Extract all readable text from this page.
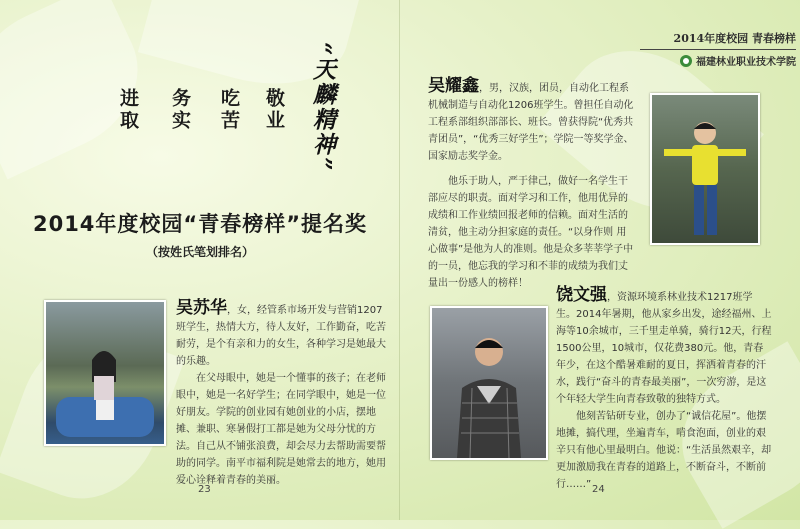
进取 务实 吃苦 敬业 “天麟精神”
2014年度校园“青春榜样”提名奖
（按姓氏笔划排名）

吴苏华，女，经管系市场开发与营销1207班学生，热情大方，待人友好，工作勤奋，吃苦耐劳，是个有亲和力的女生，各种学习是她最大的乐趣。

在父母眼中，她是一个懂事的孩子；在老师眼中，她是一名好学生；在同学眼中，她是一位好朋友。学院的创业园有她创业的小店，摆地摊、兼职、寒暑假打工都是她为父母分忧的方法。自己从不铺张浪费，却会尽力去帮助需要帮助的同学。南平市福利院是她常去的地方，她用爱心诠释着青春的美丽。

吴耀鑫，男，汉族，团员，自动化工程系机械制造与自动化1206班学生。曾担任自动化工程系部组织部部长、班长。曾获得院“优秀共青团员”，“优秀三好学生”；学院一等奖学金、国家励志奖学金。

他乐于助人，严于律己，做好一名学生干部应尽的职责。面对学习和工作，他用优异的成绩和工作业绩回报老师的信赖。面对生活的清贫，他主动分担家庭的责任。“以身作则 用心做事”是他为人的准则。他是众多莘莘学子中的一员，他忘我的学习和不菲的成绩为我们丈量出一份感人的榜样！

饶文强，资源环境系林业技术1217班学生。2014年暑期，他从家乡出发，途经福州、上海等10余城市，三千里走单骑，骑行12天，行程1500公里，10城市，仅花费380元。他，青春年少，在这个酷暑难耐的夏日，挥洒着青春的汗水，践行“奋斗的青春最美丽”，一次穷游，是这个年轻大学生向青春致敬的独特方式。

他刻苦钻研专业，创办了“诚信花屋”。他摆地摊，搞代理，坐遍青车，啃食泡面，创业的艰辛只有他心里最明白。他说：“生活虽然艰辛，却更加激励我在青春的道路上，不断奋斗，不断前行……”

2014年度校园 青春榜样
福建林业职业技术学院
23	24
